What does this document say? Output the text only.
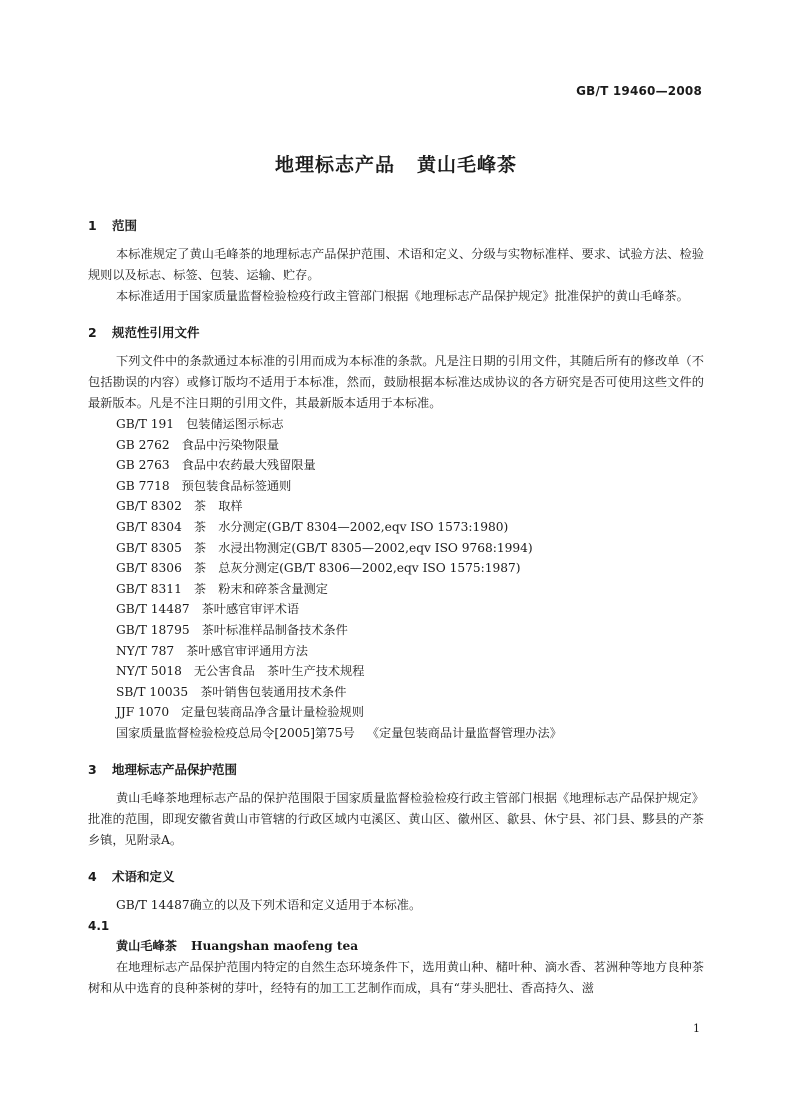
GB/T 19460—2008
地理标志产品 黄山毛峰茶
1 范围

本标准规定了黄山毛峰茶的地理标志产品保护范围、术语和定义、分级与实物标准样、要求、试验方法、检验规则以及标志、标签、包装、运输、贮存。

本标准适用于国家质量监督检验检疫行政主管部门根据《地理标志产品保护规定》批准保护的黄山毛峰茶。

2 规范性引用文件

下列文件中的条款通过本标准的引用而成为本标准的条款。凡是注日期的引用文件，其随后所有的修改单（不包括勘误的内容）或修订版均不适用于本标准，然而，鼓励根据本标准达成协议的各方研究是否可使用这些文件的最新版本。凡是不注日期的引用文件，其最新版本适用于本标准。

GB/T 191 包装储运图示标志
GB 2762 食品中污染物限量
GB 2763 食品中农药最大残留限量
GB 7718 预包装食品标签通则
GB/T 8302 茶　取样
GB/T 8304 茶　水分测定(GB/T 8304—2002,eqv ISO 1573:1980)
GB/T 8305 茶　水浸出物测定(GB/T 8305—2002,eqv ISO 9768:1994)
GB/T 8306 茶　总灰分测定(GB/T 8306—2002,eqv ISO 1575:1987)
GB/T 8311 茶　粉末和碎茶含量测定
GB/T 14487 茶叶感官审评术语
GB/T 18795 茶叶标准样品制备技术条件
NY/T 787 茶叶感官审评通用方法
NY/T 5018 无公害食品　茶叶生产技术规程
SB/T 10035 茶叶销售包装通用技术条件
JJF 1070 定量包装商品净含量计量检验规则
国家质量监督检验检疫总局令[2005]第75号 《定量包装商品计量监督管理办法》
3 地理标志产品保护范围

黄山毛峰茶地理标志产品的保护范围限于国家质量监督检验检疫行政主管部门根据《地理标志产品保护规定》批准的范围，即现安徽省黄山市管辖的行政区域内屯溪区、黄山区、徽州区、歙县、休宁县、祁门县、黟县的产茶乡镇，见附录A。

4 术语和定义

GB/T 14487确立的以及下列术语和定义适用于本标准。

4.1
黄山毛峰茶 Huangshan maofeng tea

在地理标志产品保护范围内特定的自然生态环境条件下，选用黄山种、槠叶种、滴水香、茗洲种等地方良种茶树和从中选育的良种茶树的芽叶，经特有的加工工艺制作而成，具有“芽头肥壮、香高持久、滋

1
